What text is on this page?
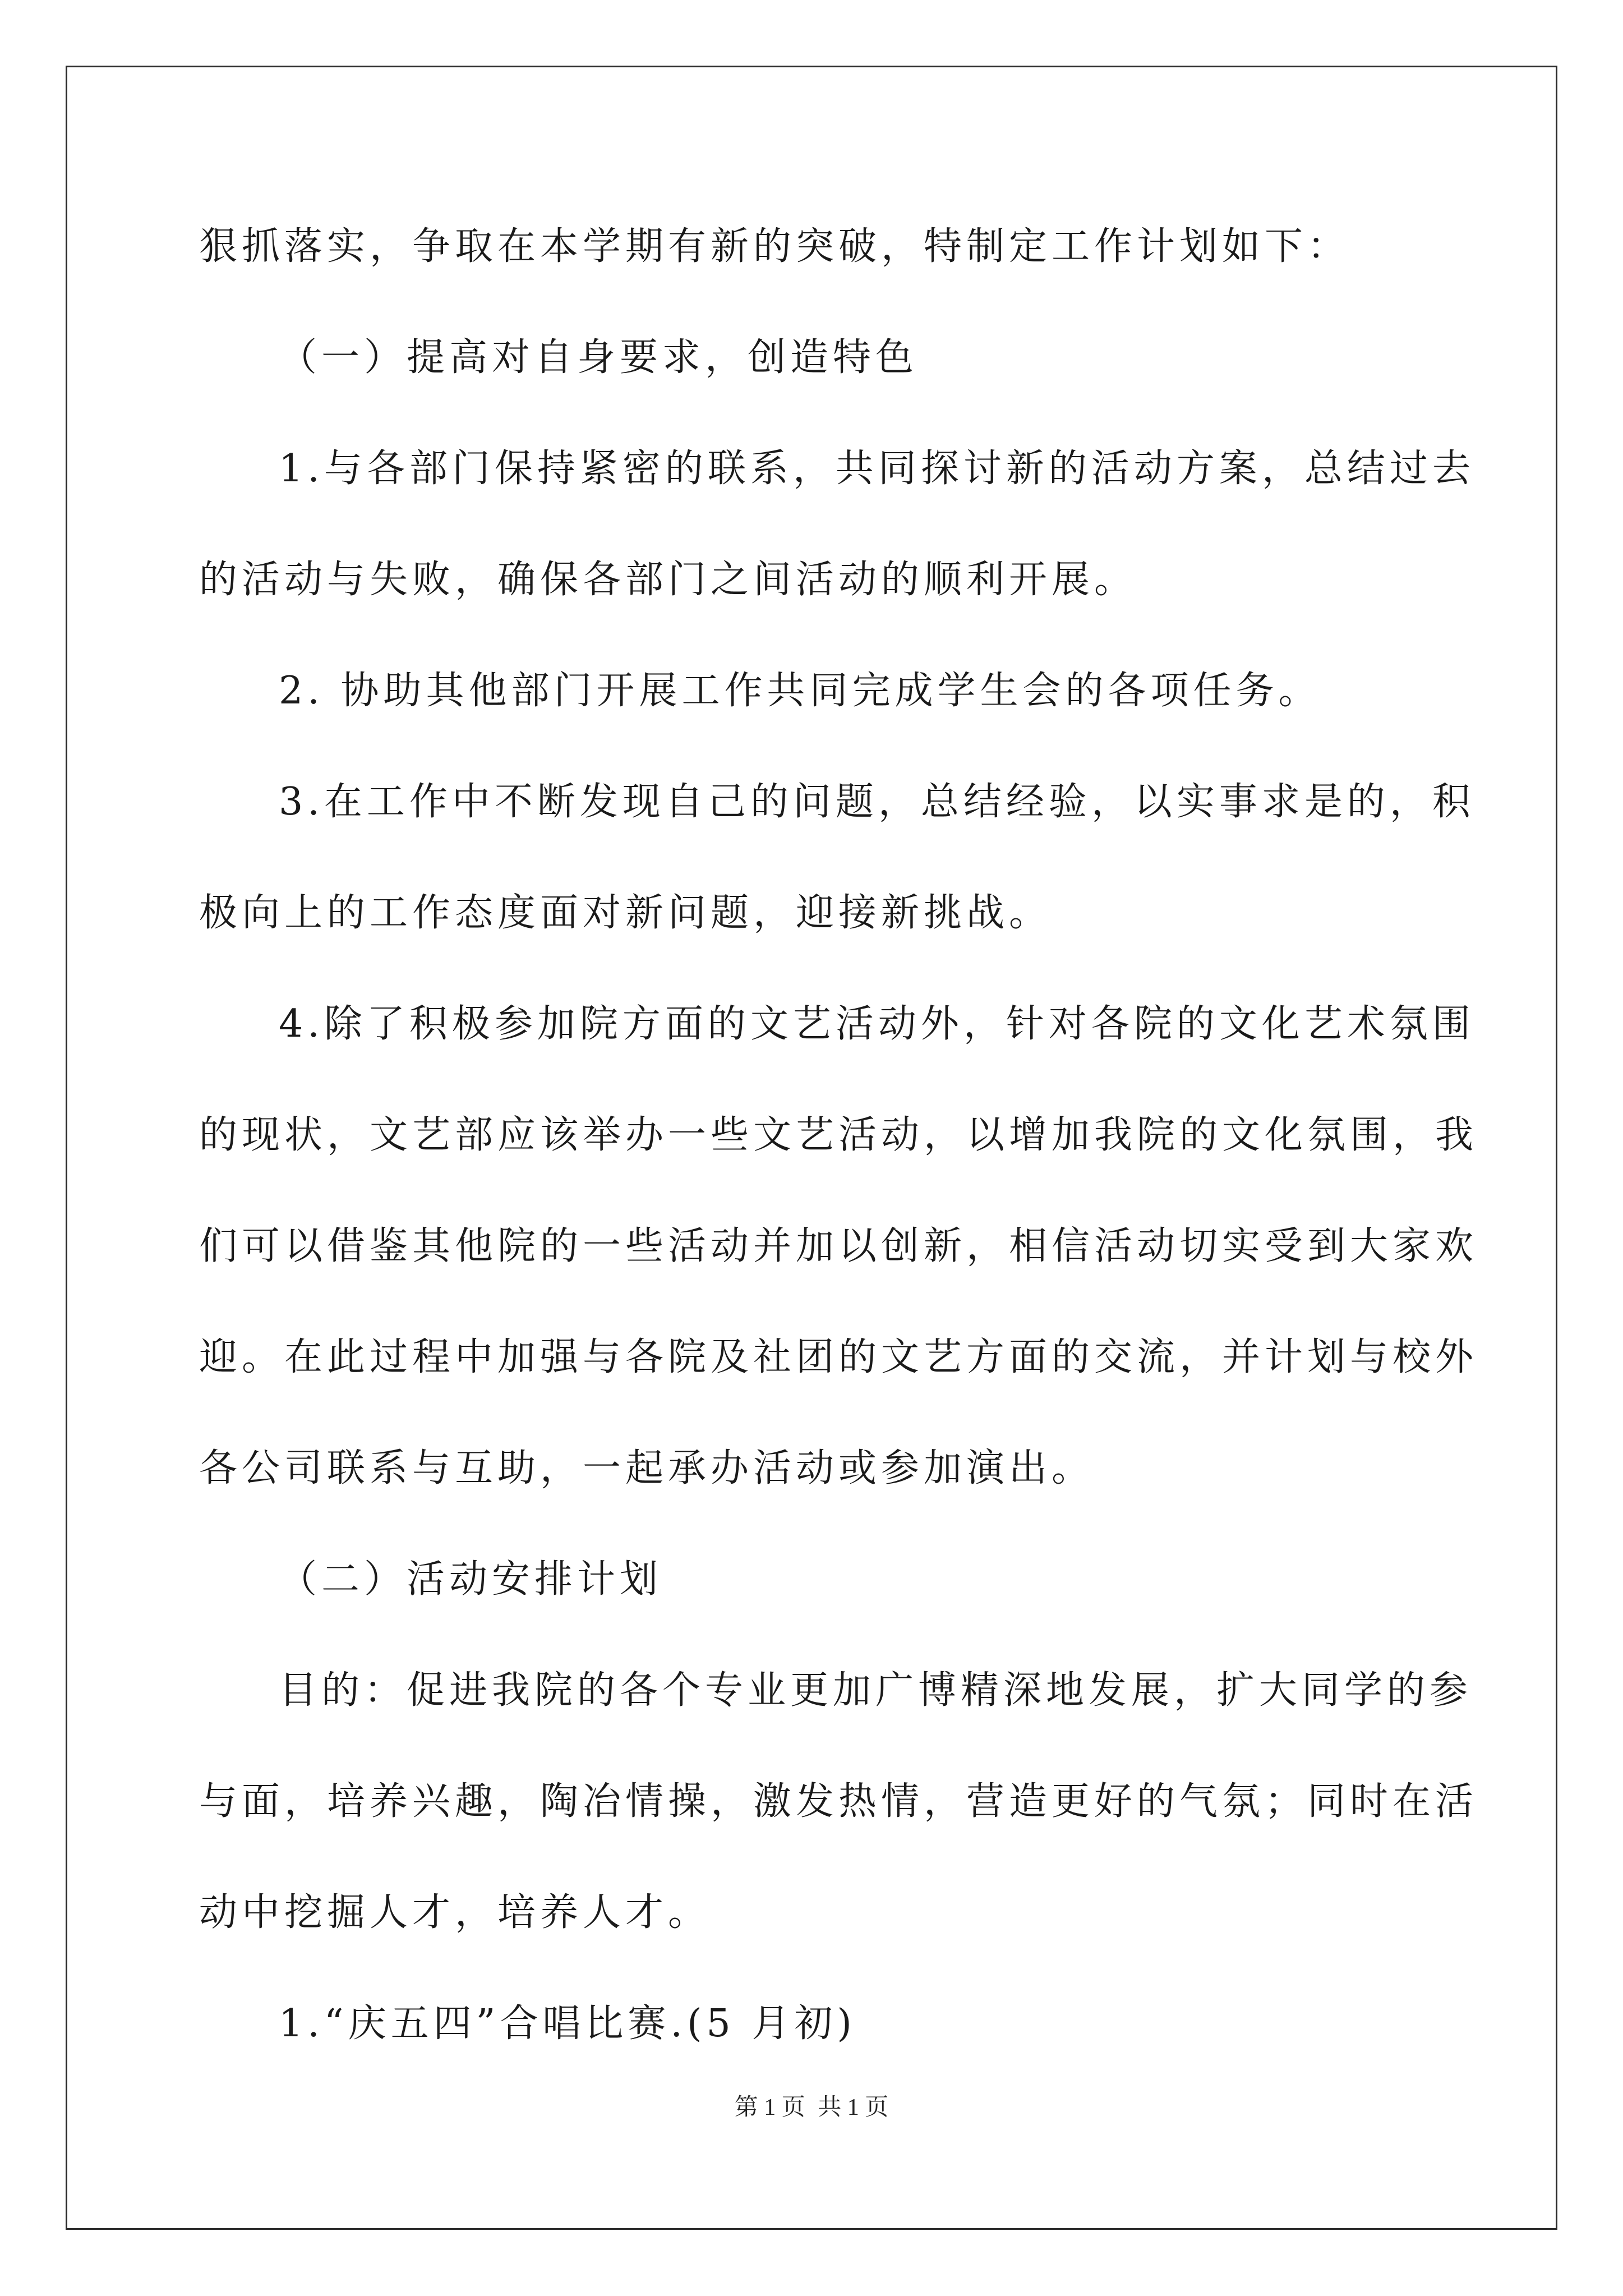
狠抓落实，争取在本学期有新的突破，特制定工作计划如下：

（一）提高对自身要求，创造特色

1.与各部门保持紧密的联系，共同探讨新的活动方案，总结过去

的活动与失败，确保各部门之间活动的顺利开展。

2. 协助其他部门开展工作共同完成学生会的各项任务。

3.在工作中不断发现自己的问题，总结经验，以实事求是的，积

极向上的工作态度面对新问题，迎接新挑战。

4.除了积极参加院方面的文艺活动外，针对各院的文化艺术氛围

的现状，文艺部应该举办一些文艺活动，以增加我院的文化氛围，我

们可以借鉴其他院的一些活动并加以创新，相信活动切实受到大家欢

迎。在此过程中加强与各院及社团的文艺方面的交流，并计划与校外

各公司联系与互助，一起承办活动或参加演出。

（二）活动安排计划

目的：促进我院的各个专业更加广博精深地发展，扩大同学的参

与面，培养兴趣，陶冶情操，激发热情，营造更好的气氛；同时在活

动中挖掘人才，培养人才。

1.“庆五四”合唱比赛.(5 月初)

第 1 页 共 1 页
